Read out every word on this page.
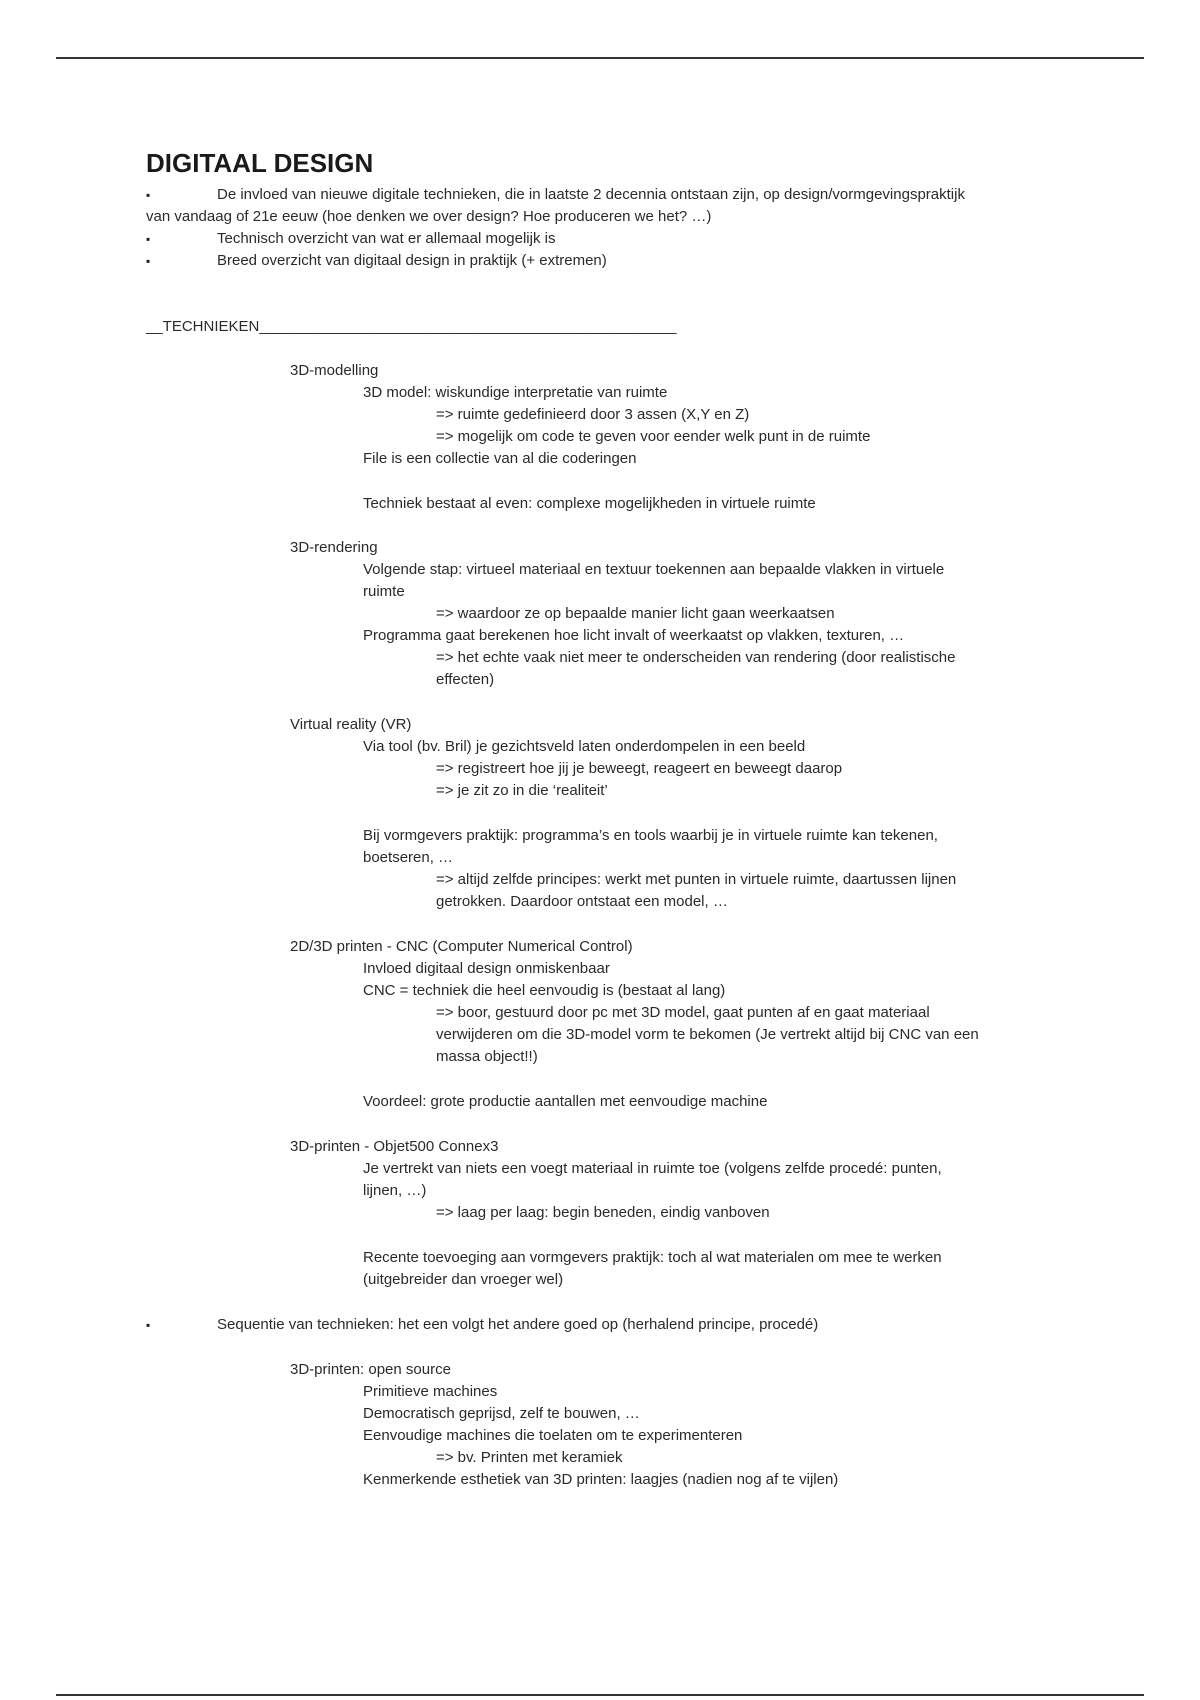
DIGITAAL DESIGN
▪	De invloed van nieuwe digitale technieken, die in laatste 2 decennia ontstaan zijn, op design/vormgevingspraktijk
van vandaag of 21e eeuw (hoe denken we over design? Hoe produceren we het? …)
▪	Technisch overzicht van wat er allemaal mogelijk is
▪	Breed overzicht van digitaal design in praktijk (+ extremen)
__TECHNIEKEN__________________________________________________
3D-modelling
3D model: wiskundige interpretatie van ruimte
=> ruimte gedefinieerd door 3 assen (X,Y en Z)
=> mogelijk om code te geven voor eender welk punt in de ruimte
File is een collectie van al die coderingen
Techniek bestaat al even: complexe mogelijkheden in virtuele ruimte
3D-rendering
Volgende stap: virtueel materiaal en textuur toekennen aan bepaalde vlakken in virtuele
ruimte
=> waardoor ze op bepaalde manier licht gaan weerkaatsen
Programma gaat berekenen hoe licht invalt of weerkaatst op vlakken, texturen, …
=> het echte vaak niet meer te onderscheiden van rendering (door realistische
effecten)
Virtual reality (VR)
Via tool (bv. Bril) je gezichtsveld laten onderdompelen in een beeld
=> registreert hoe jij je beweegt, reageert en beweegt daarop
=> je zit zo in die ‘realiteit’
Bij vormgevers praktijk: programma’s en tools waarbij je in virtuele ruimte kan tekenen,
boetseren, …
=> altijd zelfde principes: werkt met punten in virtuele ruimte, daartussen lijnen
getrokken. Daardoor ontstaat een model, …
2D/3D printen - CNC (Computer Numerical Control)
Invloed digitaal design onmiskenbaar
CNC = techniek die heel eenvoudig is (bestaat al lang)
=> boor, gestuurd door pc met 3D model, gaat punten af en gaat materiaal
verwijderen om die 3D-model vorm te bekomen (Je vertrekt altijd bij CNC van een
massa object!!)
Voordeel: grote productie aantallen met eenvoudige machine
3D-printen - Objet500 Connex3
Je vertrekt van niets een voegt materiaal in ruimte toe (volgens zelfde procedé: punten,
lijnen, …)
=> laag per laag: begin beneden, eindig vanboven
Recente toevoeging aan vormgevers praktijk: toch al wat materialen om mee te werken
(uitgebreider dan vroeger wel)
▪	Sequentie van technieken: het een volgt het andere goed op (herhalend principe, procedé)
3D-printen: open source
Primitieve machines
Democratisch geprijsd, zelf te bouwen, …
Eenvoudige machines die toelaten om te experimenteren
=> bv. Printen met keramiek
Kenmerkende esthetiek van 3D printen: laagjes (nadien nog af te vijlen)
